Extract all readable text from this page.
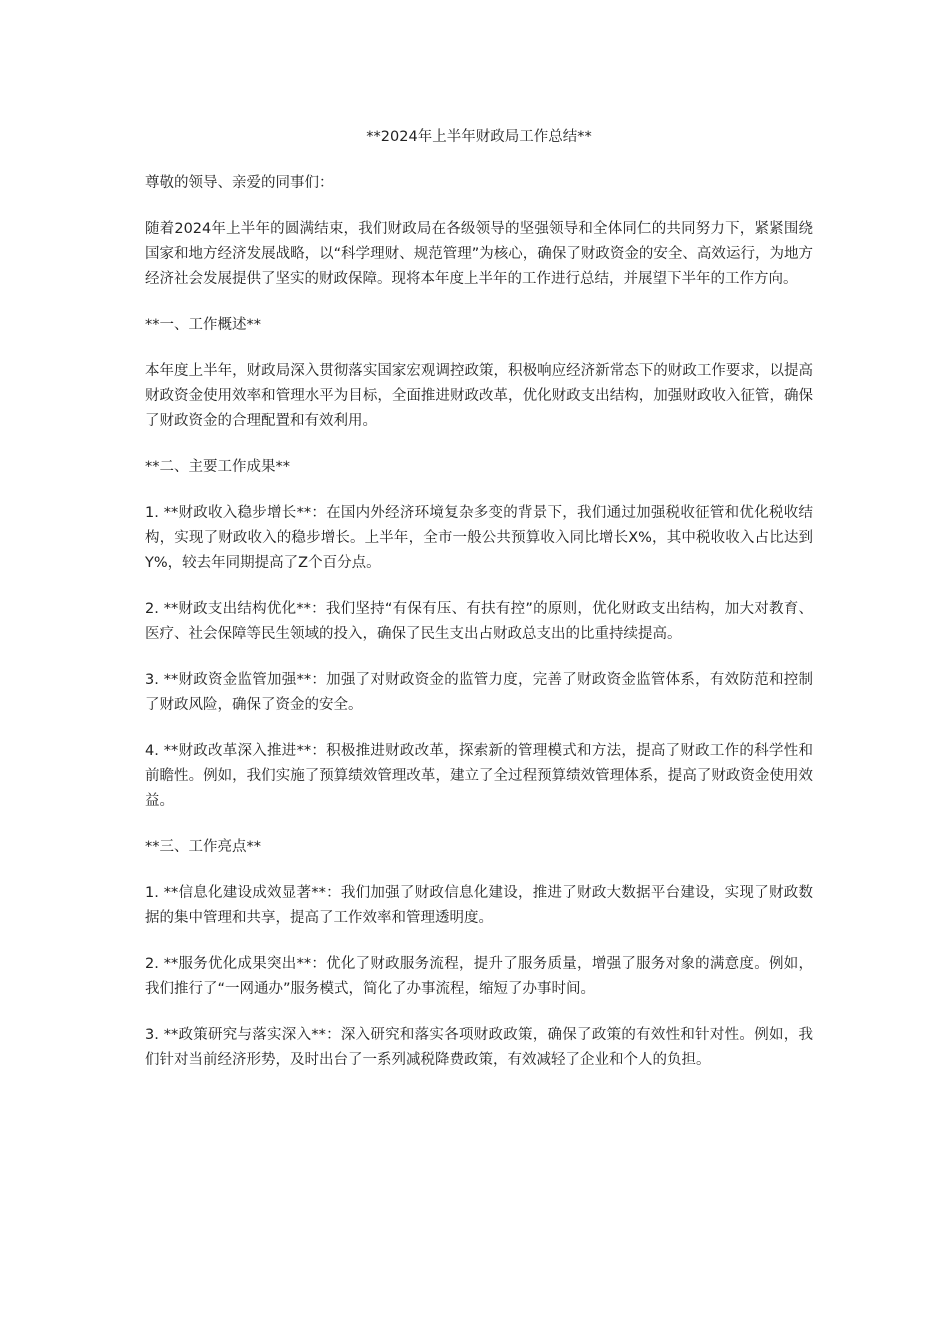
**2024年上半年财政局工作总结**

尊敬的领导、亲爱的同事们：

随着2024年上半年的圆满结束，我们财政局在各级领导的坚强领导和全体同仁的共同努力下，紧紧围绕国家和地方经济发展战略，以“科学理财、规范管理”为核心，确保了财政资金的安全、高效运行，为地方经济社会发展提供了坚实的财政保障。现将本年度上半年的工作进行总结，并展望下半年的工作方向。

**一、工作概述**

本年度上半年，财政局深入贯彻落实国家宏观调控政策，积极响应经济新常态下的财政工作要求，以提高财政资金使用效率和管理水平为目标，全面推进财政改革，优化财政支出结构，加强财政收入征管，确保了财政资金的合理配置和有效利用。

**二、主要工作成果**

1. **财政收入稳步增长**：在国内外经济环境复杂多变的背景下，我们通过加强税收征管和优化税收结构，实现了财政收入的稳步增长。上半年，全市一般公共预算收入同比增长X%，其中税收收入占比达到Y%，较去年同期提高了Z个百分点。

2. **财政支出结构优化**：我们坚持“有保有压、有扶有控”的原则，优化财政支出结构，加大对教育、医疗、社会保障等民生领域的投入，确保了民生支出占财政总支出的比重持续提高。

3. **财政资金监管加强**：加强了对财政资金的监管力度，完善了财政资金监管体系，有效防范和控制了财政风险，确保了资金的安全。

4. **财政改革深入推进**：积极推进财政改革，探索新的管理模式和方法，提高了财政工作的科学性和前瞻性。例如，我们实施了预算绩效管理改革，建立了全过程预算绩效管理体系，提高了财政资金使用效益。

**三、工作亮点**

1. **信息化建设成效显著**：我们加强了财政信息化建设，推进了财政大数据平台建设，实现了财政数据的集中管理和共享，提高了工作效率和管理透明度。

2. **服务优化成果突出**：优化了财政服务流程，提升了服务质量，增强了服务对象的满意度。例如，我们推行了“一网通办”服务模式，简化了办事流程，缩短了办事时间。

3. **政策研究与落实深入**：深入研究和落实各项财政政策，确保了政策的有效性和针对性。例如，我们针对当前经济形势，及时出台了一系列减税降费政策，有效减轻了企业和个人的负担。
